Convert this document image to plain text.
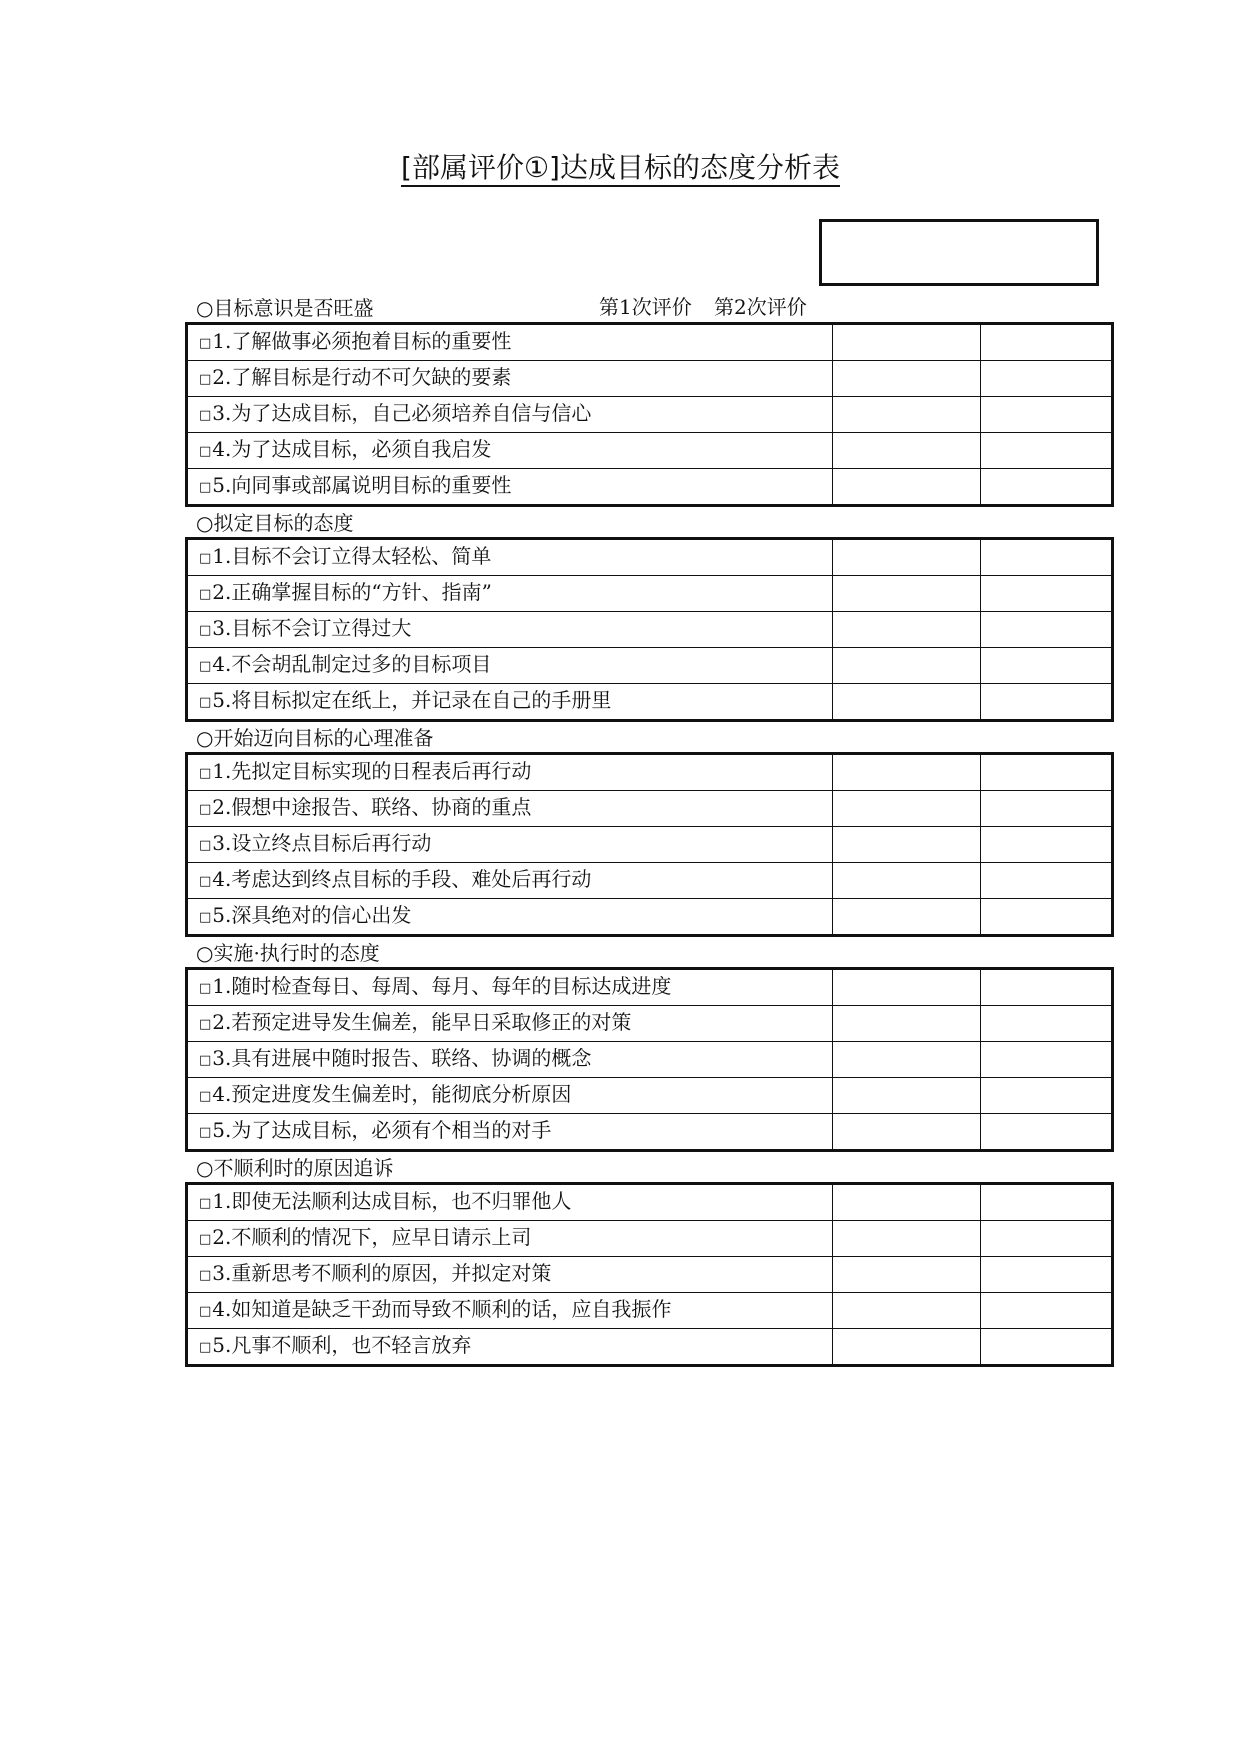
[部属评价①]达成目标的态度分析表
第1次评价 第2次评价
○目标意识是否旺盛
□1.了解做事必须抱着目标的重要性		
□2.了解目标是行动不可欠缺的要素		
□3.为了达成目标，自己必须培养自信与信心		
□4.为了达成目标，必须自我启发		
□5.向同事或部属说明目标的重要性		
○拟定目标的态度
□1.目标不会订立得太轻松、简单		
□2.正确掌握目标的“方针、指南”		
□3.目标不会订立得过大		
□4.不会胡乱制定过多的目标项目		
□5.将目标拟定在纸上，并记录在自己的手册里		
○开始迈向目标的心理准备
□1.先拟定目标实现的日程表后再行动		
□2.假想中途报告、联络、协商的重点		
□3.设立终点目标后再行动		
□4.考虑达到终点目标的手段、难处后再行动		
□5.深具绝对的信心出发		
○实施·执行时的态度
□1.随时检查每日、每周、每月、每年的目标达成进度		
□2.若预定进导发生偏差，能早日采取修正的对策		
□3.具有进展中随时报告、联络、协调的概念		
□4.预定进度发生偏差时，能彻底分析原因		
□5.为了达成目标，必须有个相当的对手		
○不顺利时的原因追诉
□1.即使无法顺利达成目标，也不归罪他人		
□2.不顺利的情况下，应早日请示上司		
□3.重新思考不顺利的原因，并拟定对策		
□4.如知道是缺乏干劲而导致不顺利的话，应自我振作		
□5.凡事不顺利，也不轻言放弃		
